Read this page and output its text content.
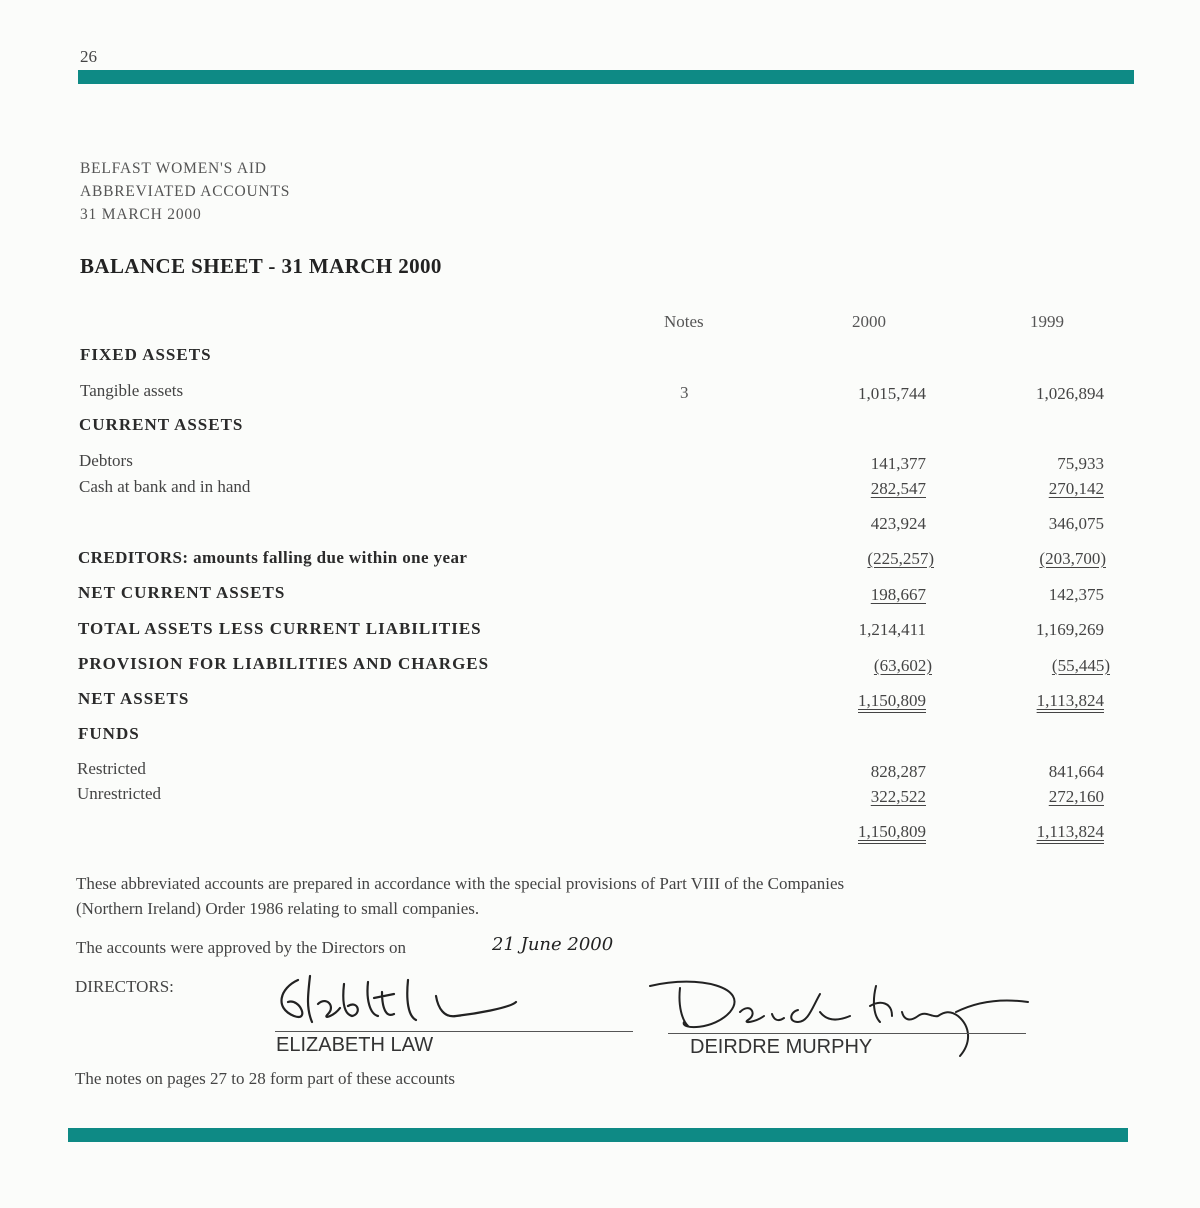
26
BELFAST WOMEN'S AID
ABBREVIATED ACCOUNTS
31 MARCH 2000
BALANCE SHEET - 31 MARCH 2000
Notes	2000	1999
FIXED ASSETS
Tangible assets	3	1,015,744	1,026,894
CURRENT ASSETS
Debtors	141,377	75,933
Cash at bank and in hand	282,547	270,142
423,924	346,075
CREDITORS: amounts falling due within one year	(225,257)	(203,700)
NET CURRENT ASSETS	198,667	142,375
TOTAL ASSETS LESS CURRENT LIABILITIES	1,214,411	1,169,269
PROVISION FOR LIABILITIES AND CHARGES	(63,602)	(55,445)
NET ASSETS	1,150,809	1,113,824
FUNDS
Restricted	828,287	841,664
Unrestricted	322,522	272,160
1,150,809	1,113,824
These abbreviated accounts are prepared in accordance with the special provisions of Part VIII of the Companies
(Northern Ireland) Order 1986 relating to small companies.
The accounts were approved by the Directors on	21 June 2000
DIRECTORS:
ELIZABETH LAW	DEIRDRE MURPHY
The notes on pages 27 to 28 form part of these accounts
